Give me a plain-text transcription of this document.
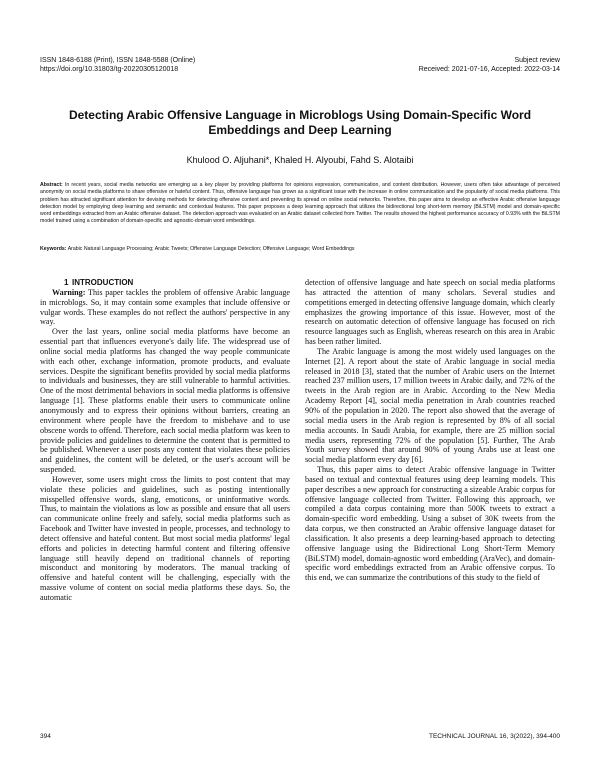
ISSN 1848-6188 (Print), ISSN 1848-5588 (Online)
https://doi.org/10.31803/tg-20220305120018
Subject review
Received: 2021-07-16, Accepted: 2022-03-14
Detecting Arabic Offensive Language in Microblogs Using Domain-Specific Word Embeddings and Deep Learning
Khulood O. Aljuhani*, Khaled H. Alyoubi, Fahd S. Alotaibi
Abstract: In recent years, social media networks are emerging as a key player by providing platforms for opinions expression, communication, and content distribution. However, users often take advantage of perceived anonymity on social media platforms to share offensive or hateful content. Thus, offensive language has grown as a significant issue with the increase in online communication and the popularity of social media platforms. This problem has attracted significant attention for devising methods for detecting offensive content and preventing its spread on online social networks. Therefore, this paper aims to develop an effective Arabic offensive language detection model by employing deep learning and semantic and contextual features. This paper proposes a deep learning approach that utilizes the bidirectional long short-term memory (BiLSTM) model and domain-specific word embeddings extracted from an Arabic offensive dataset. The detection approach was evaluated on an Arabic dataset collected from Twitter. The results showed the highest performance accuracy of 0.93% with the BiLSTM model trained using a combination of domain-specific and agnostic-domain word embeddings.
Keywords: Arabic Natural Language Processing; Arabic Tweets; Offensive Language Detection; Offensive Language; Word Embeddings

1 INTRODUCTION

Warning: This paper tackles the problem of offensive Arabic language in microblogs. So, it may contain some examples that include offensive or vulgar words. These examples do not reflect the authors' perspective in any way.

Over the last years, online social media platforms have become an essential part that influences everyone's daily life. The widespread use of online social media platforms has changed the way people communicate with each other, exchange information, promote products, and evaluate services. Despite the significant benefits provided by social media platforms to individuals and businesses, they are still vulnerable to harmful activities. One of the most detrimental behaviors in social media platforms is offensive language [1]. These platforms enable their users to communicate online anonymously and to express their opinions without barriers, creating an environment where people have the freedom to misbehave and to use obscene words to offend. Therefore, each social media platform was keen to provide policies and guidelines to determine the content that is permitted to be published. Whenever a user posts any content that violates these policies and guidelines, the content will be deleted, or the user's account will be suspended.

However, some users might cross the limits to post content that may violate these policies and guidelines, such as posting intentionally misspelled offensive words, slang, emoticons, or uninformative words. Thus, to maintain the violations as low as possible and ensure that all users can communicate online freely and safely, social media platforms such as Facebook and Twitter have invested in people, processes, and technology to detect offensive and hateful content. But most social media platforms' legal efforts and policies in detecting harmful content and filtering offensive language still heavily depend on traditional channels of reporting misconduct and monitoring by moderators. The manual tracking of offensive and hateful content will be challenging, especially with the massive volume of content on social media platforms these days. So, the automatic

detection of offensive language and hate speech on social media platforms has attracted the attention of many scholars. Several studies and competitions emerged in detecting offensive language domain, which clearly emphasizes the growing importance of this issue. However, most of the research on automatic detection of offensive language has focused on rich resource languages such as English, whereas research on this area in Arabic has been rather limited.

The Arabic language is among the most widely used languages on the Internet [2]. A report about the state of Arabic language in social media released in 2018 [3], stated that the number of Arabic users on the Internet reached 237 million users, 17 million tweets in Arabic daily, and 72% of the tweets in the Arab region are in Arabic. According to the New Media Academy Report [4], social media penetration in Arab countries reached 90% of the population in 2020. The report also showed that the average of social media users in the Arab region is represented by 8% of all social media accounts. In Saudi Arabia, for example, there are 25 million social media users, representing 72% of the population [5]. Further, The Arab Youth survey showed that around 90% of young Arabs use at least one social media platform every day [6].

Thus, this paper aims to detect Arabic offensive language in Twitter based on textual and contextual features using deep learning models. This paper describes a new approach for constructing a sizeable Arabic corpus for offensive language collected from Twitter. Following this approach, we compiled a data corpus containing more than 500K tweets to extract a domain-specific word embedding. Using a subset of 30K tweets from the data corpus, we then constructed an Arabic offensive language dataset for classification. It also presents a deep learning-based approach to detecting offensive language using the Bidirectional Long Short-Term Memory (BiLSTM) model, domain-agnostic word embedding (AraVec), and domain-specific word embeddings extracted from an Arabic offensive corpus. To this end, we can summarize the contributions of this study to the field of

394	TECHNICAL JOURNAL 16, 3(2022), 394-400
